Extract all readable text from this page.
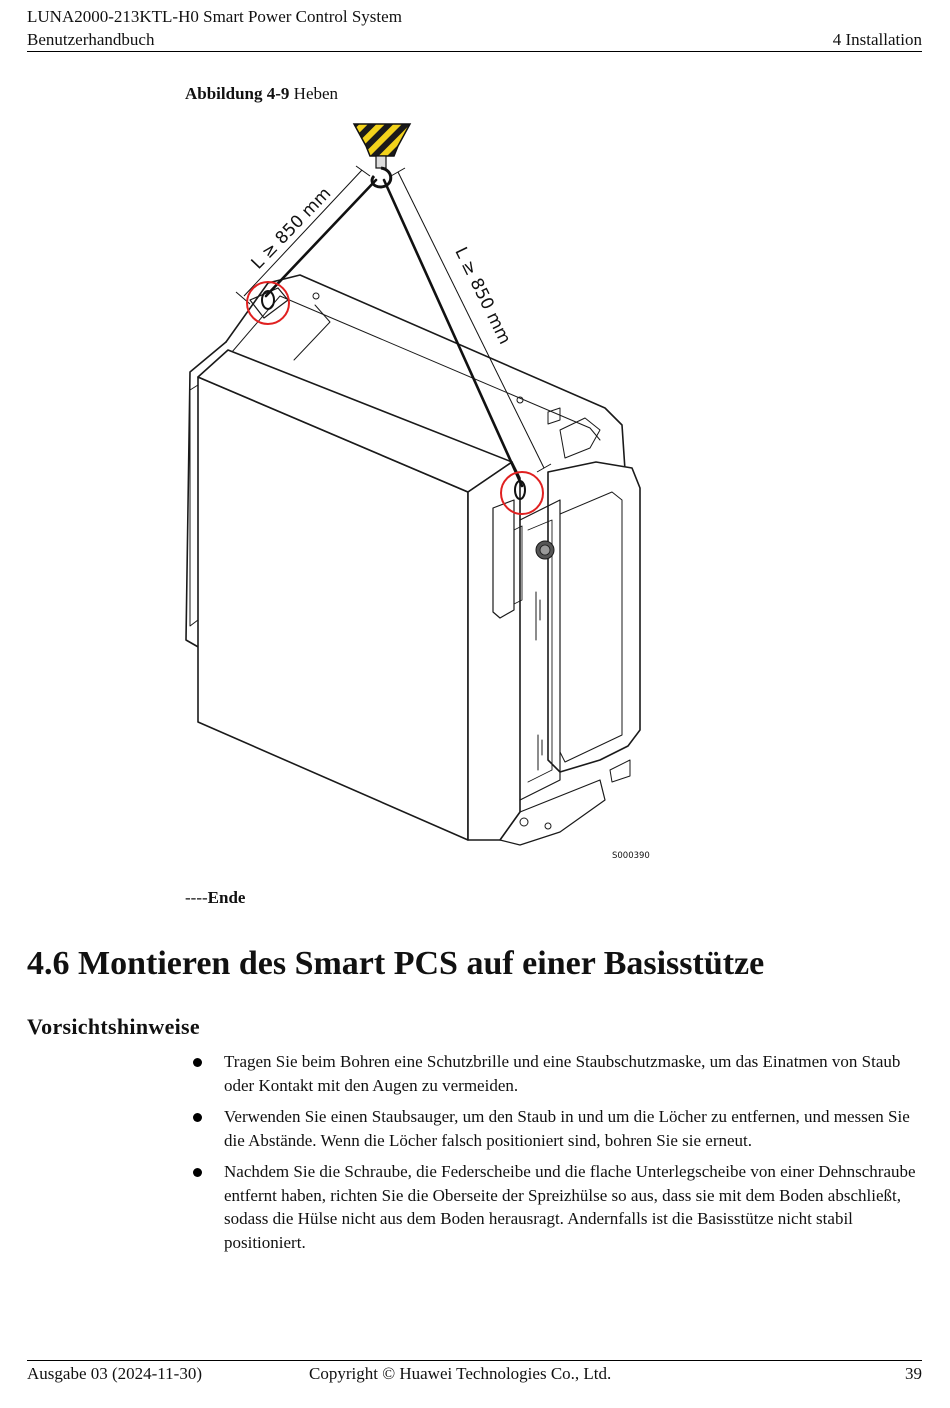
LUNA2000-213KTL-H0 Smart Power Control System
Benutzerhandbuch	4 Installation
Abbildung 4-9 Heben
L ≥ 850 mm
L ≥ 850 mm
S000390
----Ende
4.6 Montieren des Smart PCS auf einer Basisstütze
Vorsichtshinweise
Tragen Sie beim Bohren eine Schutzbrille und eine Staubschutzmaske, um das Einatmen von Staub oder Kontakt mit den Augen zu vermeiden.
Verwenden Sie einen Staubsauger, um den Staub in und um die Löcher zu entfernen, und messen Sie die Abstände. Wenn die Löcher falsch positioniert sind, bohren Sie sie erneut.
Nachdem Sie die Schraube, die Federscheibe und die flache Unterlegscheibe von einer Dehnschraube entfernt haben, richten Sie die Oberseite der Spreizhülse so aus, dass sie mit dem Boden abschließt, sodass die Hülse nicht aus dem Boden herausragt. Andernfalls ist die Basisstütze nicht stabil positioniert.
Ausgabe 03 (2024-11-30)	Copyright © Huawei Technologies Co., Ltd.	39
